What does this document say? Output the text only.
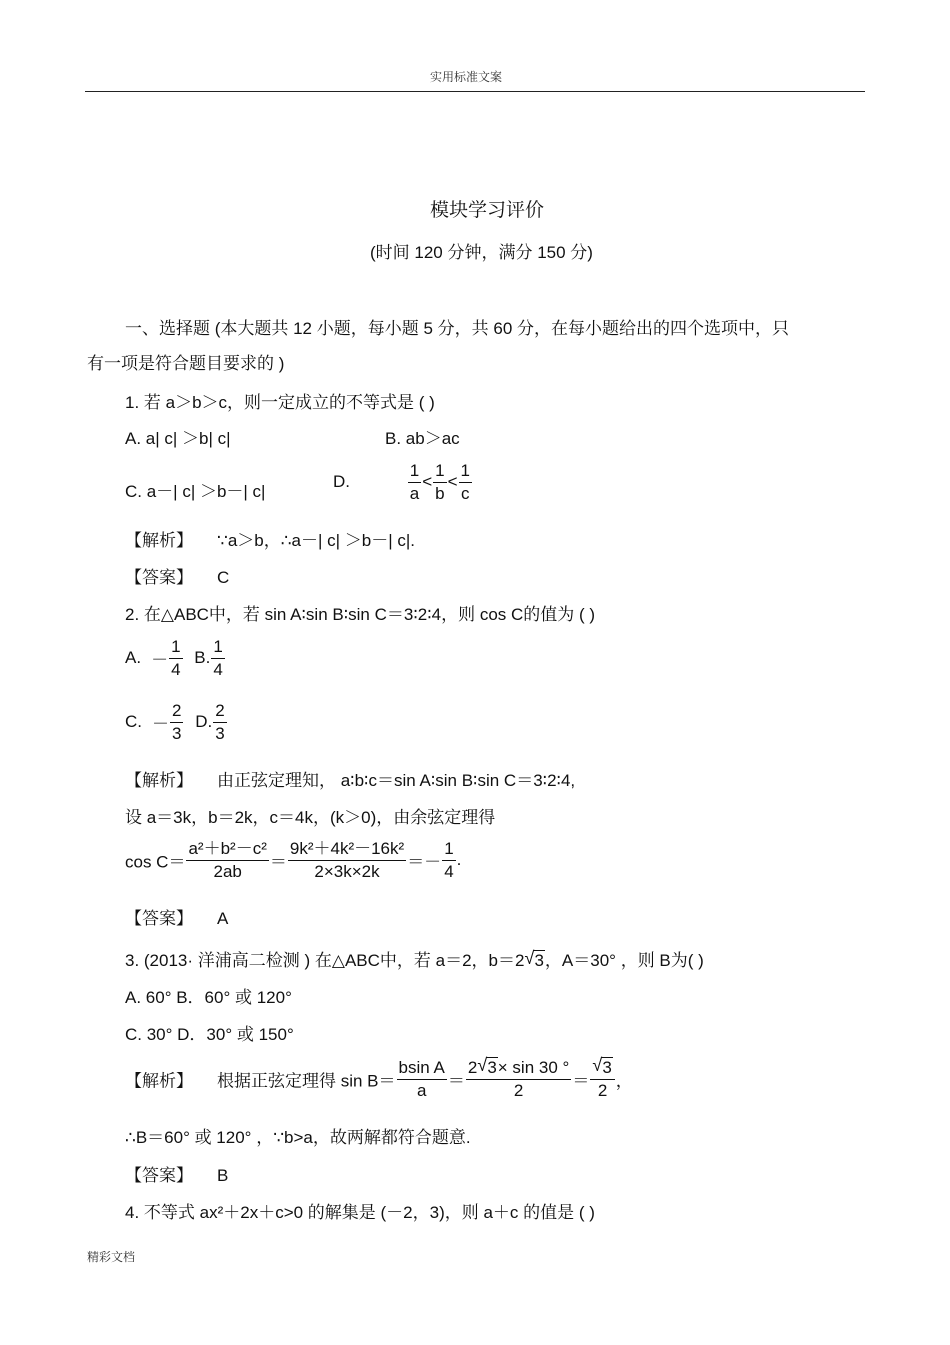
实用标准文案
模块学习评价
(时间 120 分钟，满分 150 分)
一、选择题 (本大题共 12 小题，每小题 5 分，共 60 分，在每小题给出的四个选项中，只
有一项是符合题目要求的 )
1. 若 a＞b＞c，则一定成立的不等式是 ( )
A. a| c| ＞b| c|	B. ab＞ac
C. a－| c| ＞b－| c|
D.	$\frac{1}{a} < \frac{1}{b} < \frac{1}{c}$
【解析】 ∵a＞b，∴a－| c| ＞b－| c|.
【答案】 C
2. 在△ABC中，若 sin A∶sin B∶sin C＝3∶2∶4，则 cos C的值为 ( )
A. － $\frac{1}{4} B$. $\frac{1}{4}$
C. － $\frac{2}{3} D$. $\frac{2}{3}$
【解析】 由正弦定理知， a∶b∶c＝sin A∶sin B∶sin C＝3∶2∶4,
设 a＝3k，b＝2k，c＝4k，(k＞0)，由余弦定理得
$\cos C= \frac{\text{a²＋b²－c²}}{2ab} = \frac{\text{9k²＋4k²－16k²}}{2\times 3k\times 2k} =- \frac{1}{4}$ .
【答案】 A
3. (2013· 洋浦高二检测 ) 在△ABC中，若 a＝2，b＝2 √ 3，A＝30° ，则 B为( )
A. 60° B．60° 或 120°
C. 30° D．30° 或 150°
【解析】 根据正弦定理得 $\sin B= \frac{\text{bsin A}}{a} = \frac{2 √ 3\times \sin 30 ^\circ}{2} = \frac{√ 3}{2}$ ，
∴B＝60° 或 120° ，∵b>a，故两解都符合题意.
【答案】 B
4. 不等式 ax²＋2x＋c>0 的解集是 (－2，3)，则 a＋c 的值是 ( )
精彩文档
